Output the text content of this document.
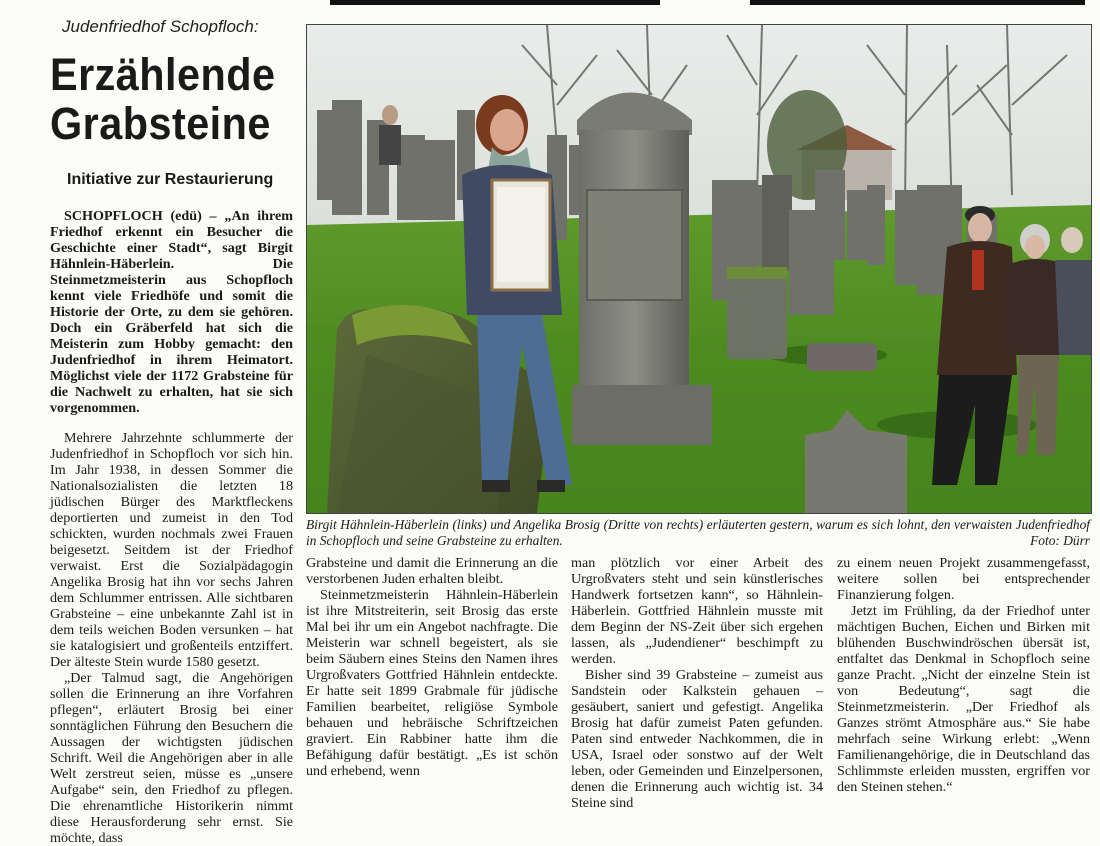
Judenfriedhof Schopfloch:
Erzählende Grabsteine
Initiative zur Restaurierung

SCHOPFLOCH (edü) – „An ihrem Friedhof erkennt ein Besucher die Geschichte einer Stadt“, sagt Birgit Hähnlein-Häberlein. Die Steinmetzmeisterin aus Schopfloch kennt viele Friedhöfe und somit die Historie der Orte, zu dem sie gehören. Doch ein Gräberfeld hat sich die Meisterin zum Hobby gemacht: den Judenfriedhof in ihrem Heimatort. Möglichst viele der 1172 Grabsteine für die Nachwelt zu erhalten, hat sie sich vorgenommen.

Mehrere Jahrzehnte schlummerte der Judenfriedhof in Schopfloch vor sich hin. Im Jahr 1938, in dessen Sommer die Nationalsozialisten die letzten 18 jüdischen Bürger des Marktfleckens deportierten und zumeist in den Tod schickten, wurden nochmals zwei Frauen beigesetzt. Seitdem ist der Friedhof verwaist. Erst die Sozialpädagogin Angelika Brosig hat ihn vor sechs Jahren dem Schlummer entrissen. Alle sichtbaren Grabsteine – eine unbekannte Zahl ist in dem teils weichen Boden versunken – hat sie katalogisiert und großenteils entziffert. Der älteste Stein wurde 1580 gesetzt.

„Der Talmud sagt, die Angehörigen sollen die Erinnerung an ihre Vorfahren pflegen“, erläutert Brosig bei einer sonntäglichen Führung den Besuchern die Aussagen der wichtigsten jüdischen Schrift. Weil die Angehörigen aber in alle Welt zerstreut seien, müsse es „unsere Aufgabe“ sein, den Friedhof zu pflegen. Die ehrenamtliche Historikerin nimmt diese Herausforderung sehr ernst. Sie möchte, dass

Birgit Hähnlein-Häberlein (links) und Angelika Brosig (Dritte von rechts) erläuterten gestern, warum es sich lohnt, den verwaisten Judenfriedhof in Schopfloch und seine Grabsteine zu erhalten.	Foto: Dürr

Grabsteine und damit die Erinnerung an die verstorbenen Juden erhalten bleibt.

Steinmetzmeisterin Hähnlein-Häberlein ist ihre Mitstreiterin, seit Brosig das erste Mal bei ihr um ein Angebot nachfragte. Die Meisterin war schnell begeistert, als sie beim Säubern eines Steins den Namen ihres Urgroßvaters Gottfried Hähnlein entdeckte. Er hatte seit 1899 Grabmale für jüdische Familien bearbeitet, religiöse Symbole behauen und hebräische Schriftzeichen graviert. Ein Rabbiner hatte ihm die Befähigung dafür bestätigt. „Es ist schön und erhebend, wenn

man plötzlich vor einer Arbeit des Urgroßvaters steht und sein künstlerisches Handwerk fortsetzen kann“, so Hähnlein-Häberlein. Gottfried Hähnlein musste mit dem Beginn der NS-Zeit über sich ergehen lassen, als „Judendiener“ beschimpft zu werden.

Bisher sind 39 Grabsteine – zumeist aus Sandstein oder Kalkstein gehauen – gesäubert, saniert und gefestigt. Angelika Brosig hat dafür zumeist Paten gefunden. Paten sind entweder Nachkommen, die in USA, Israel oder sonstwo auf der Welt leben, oder Gemeinden und Einzelpersonen, denen die Erinnerung auch wichtig ist. 34 Steine sind

zu einem neuen Projekt zusammengefasst, weitere sollen bei entsprechender Finanzierung folgen.

Jetzt im Frühling, da der Friedhof unter mächtigen Buchen, Eichen und Birken mit blühenden Buschwindröschen übersät ist, entfaltet das Denkmal in Schopfloch seine ganze Pracht. „Nicht der einzelne Stein ist von Bedeutung“, sagt die Steinmetzmeisterin. „Der Friedhof als Ganzes strömt Atmosphäre aus.“ Sie habe mehrfach seine Wirkung erlebt: „Wenn Familienangehörige, die in Deutschland das Schlimmste erleiden mussten, ergriffen vor den Steinen stehen.“
